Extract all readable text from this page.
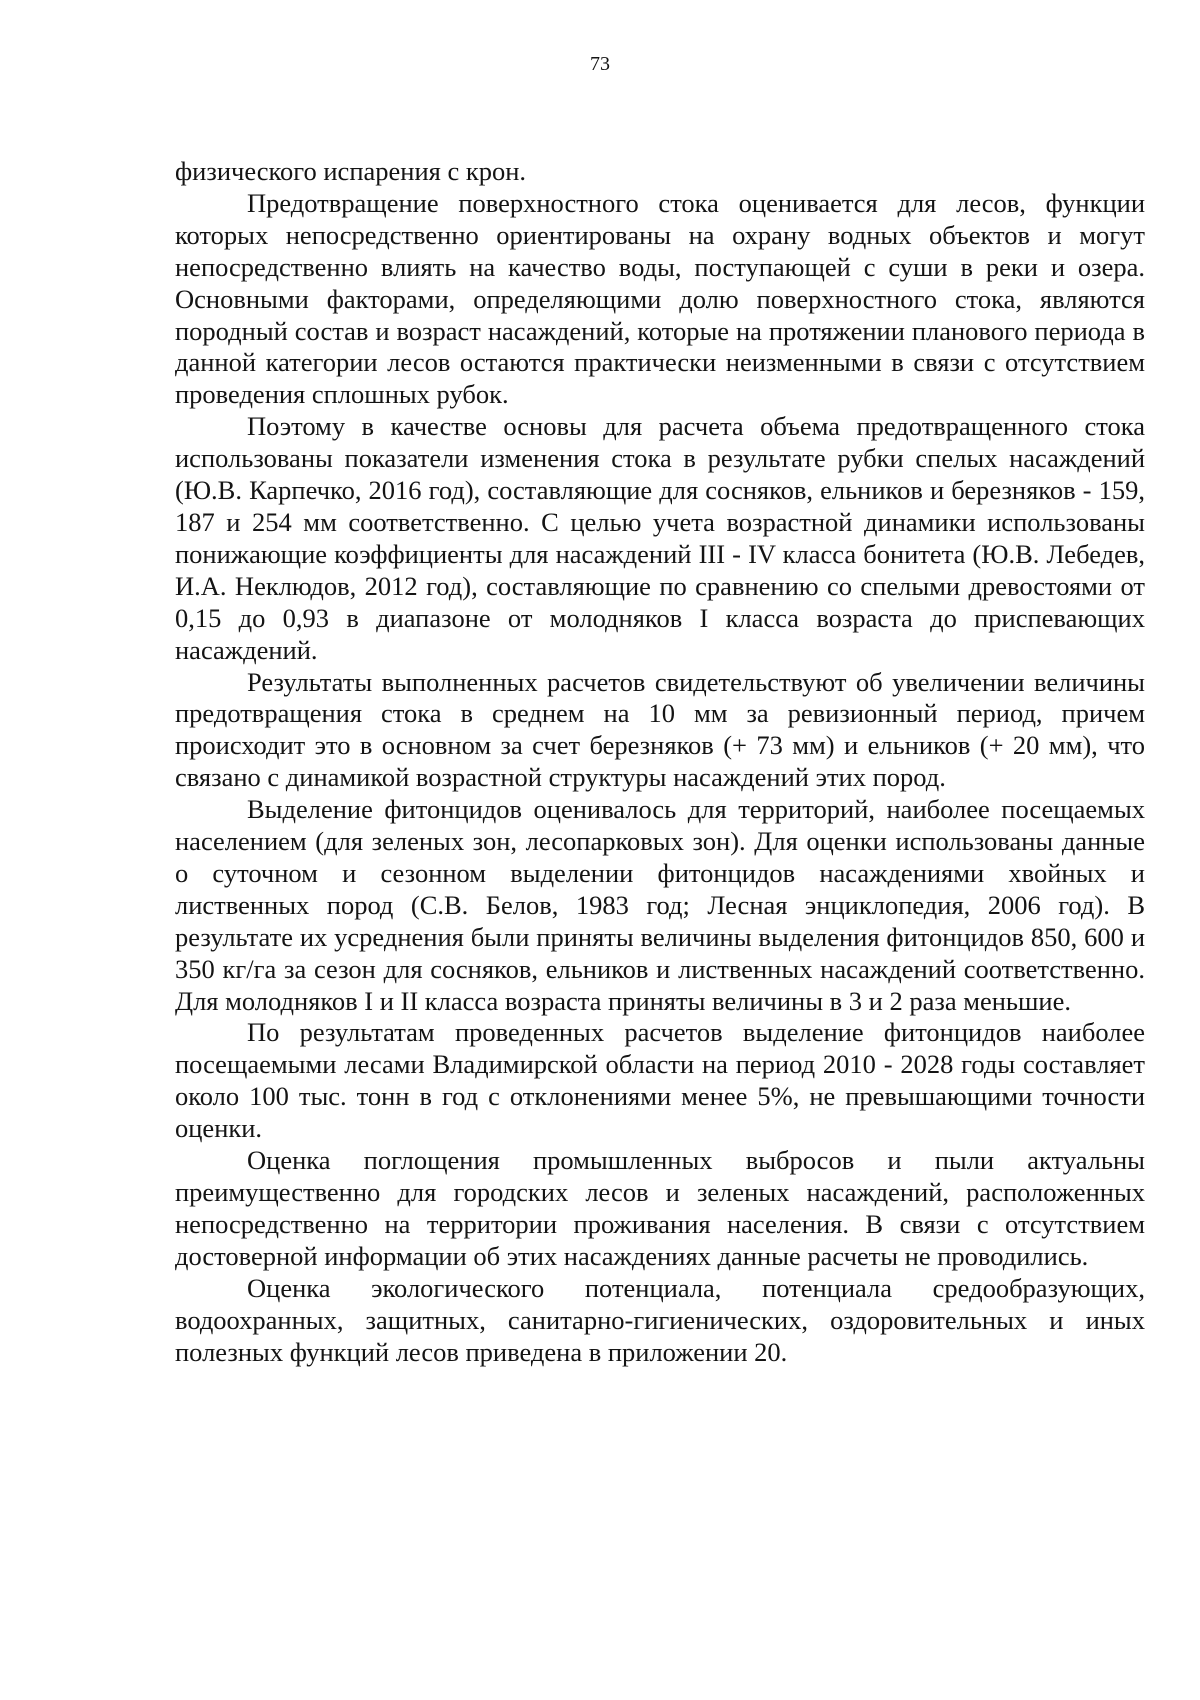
73

физического испарения с крон.

Предотвращение поверхностного стока оценивается для лесов, функции которых непосредственно ориентированы на охрану водных объектов и могут непосредственно влиять на качество воды, поступающей с суши в реки и озера. Основными факторами, определяющими долю поверхностного стока, являются породный состав и возраст насаждений, которые на протяжении планового периода в данной категории лесов остаются практически неизменными в связи с отсутствием проведения сплошных рубок.

Поэтому в качестве основы для расчета объема предотвращенного стока использованы показатели изменения стока в результате рубки спелых насаждений (Ю.В. Карпечко, 2016 год), составляющие для сосняков, ельников и березняков - 159, 187 и 254 мм соответственно. С целью учета возрастной динамики использованы понижающие коэффициенты для насаждений III - IV класса бонитета (Ю.В. Лебедев, И.А. Неклюдов, 2012 год), составляющие по сравнению со спелыми древостоями от 0,15 до 0,93 в диапазоне от молодняков I класса возраста до приспевающих насаждений.

Результаты выполненных расчетов свидетельствуют об увеличении величины предотвращения стока в среднем на 10 мм за ревизионный период, причем происходит это в основном за счет березняков (+ 73 мм) и ельников (+ 20 мм), что связано с динамикой возрастной структуры насаждений этих пород.

Выделение фитонцидов оценивалось для территорий, наиболее посещаемых населением (для зеленых зон, лесопарковых зон). Для оценки использованы данные о суточном и сезонном выделении фитонцидов насаждениями хвойных и лиственных пород (С.В. Белов, 1983 год; Лесная энциклопедия, 2006 год). В результате их усреднения были приняты величины выделения фитонцидов 850, 600 и 350 кг/га за сезон для сосняков, ельников и лиственных насаждений соответственно. Для молодняков I и II класса возраста приняты величины в 3 и 2 раза меньшие.

По результатам проведенных расчетов выделение фитонцидов наиболее посещаемыми лесами Владимирской области на период 2010 - 2028 годы составляет около 100 тыс. тонн в год с отклонениями менее 5%, не превышающими точности оценки.

Оценка поглощения промышленных выбросов и пыли актуальны преимущественно для городских лесов и зеленых насаждений, расположенных непосредственно на территории проживания населения. В связи с отсутствием достоверной информации об этих насаждениях данные расчеты не проводились.

Оценка экологического потенциала, потенциала средообразующих, водоохранных, защитных, санитарно-гигиенических, оздоровительных и иных полезных функций лесов приведена в приложении 20.
